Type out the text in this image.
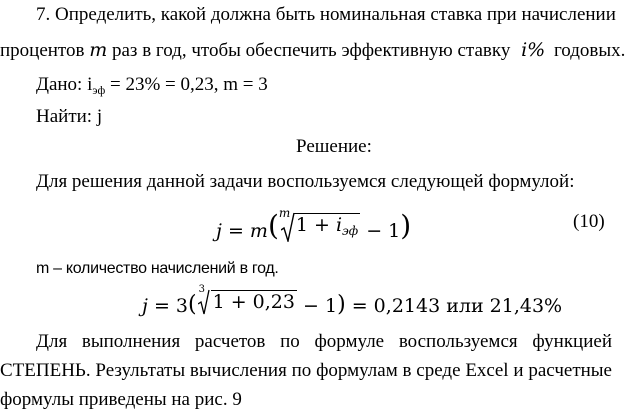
7. Определить, какой должна быть номинальная ставка при начислении
процентов m раз в год, чтобы обеспечить эффективную ставку i% годовых.
Дано: $i_{эф} = 23\% = 0,23$, m = 3
Найти: j
Решение:
Для решения данной задачи воспользуемся следующей формулой:
j = m( m
$1 + i_{эф} - 1$)	(10)
m – количество начислений в год.
j = 3(
3
1 + 0,23 − 1) = 0,2143 или 21,43%
Для выполнения расчетов по формуле воспользуемся функцией
СТЕПЕНЬ. Результаты вычисления по формулам в среде Excel и расчетные
формулы приведены на рис. 9
